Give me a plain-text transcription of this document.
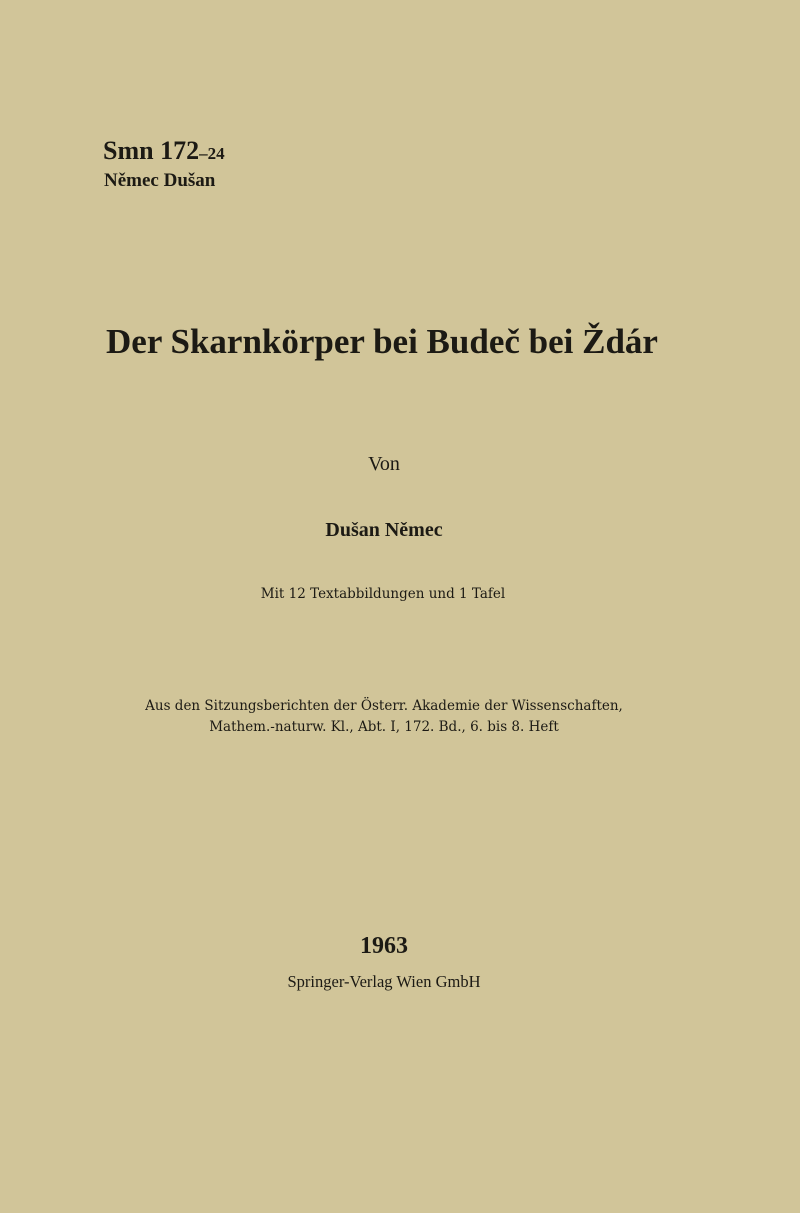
Smn 172–24
Němec Dušan
Der Skarnkörper bei Budeč bei Ždár
Von
Dušan Němec
Mit 12 Textabbildungen und 1 Tafel
Aus den Sitzungsberichten der Österr. Akademie der Wissenschaften,
Mathem.-naturw. Kl., Abt. I, 172. Bd., 6. bis 8. Heft
1963
Springer-Verlag Wien GmbH
